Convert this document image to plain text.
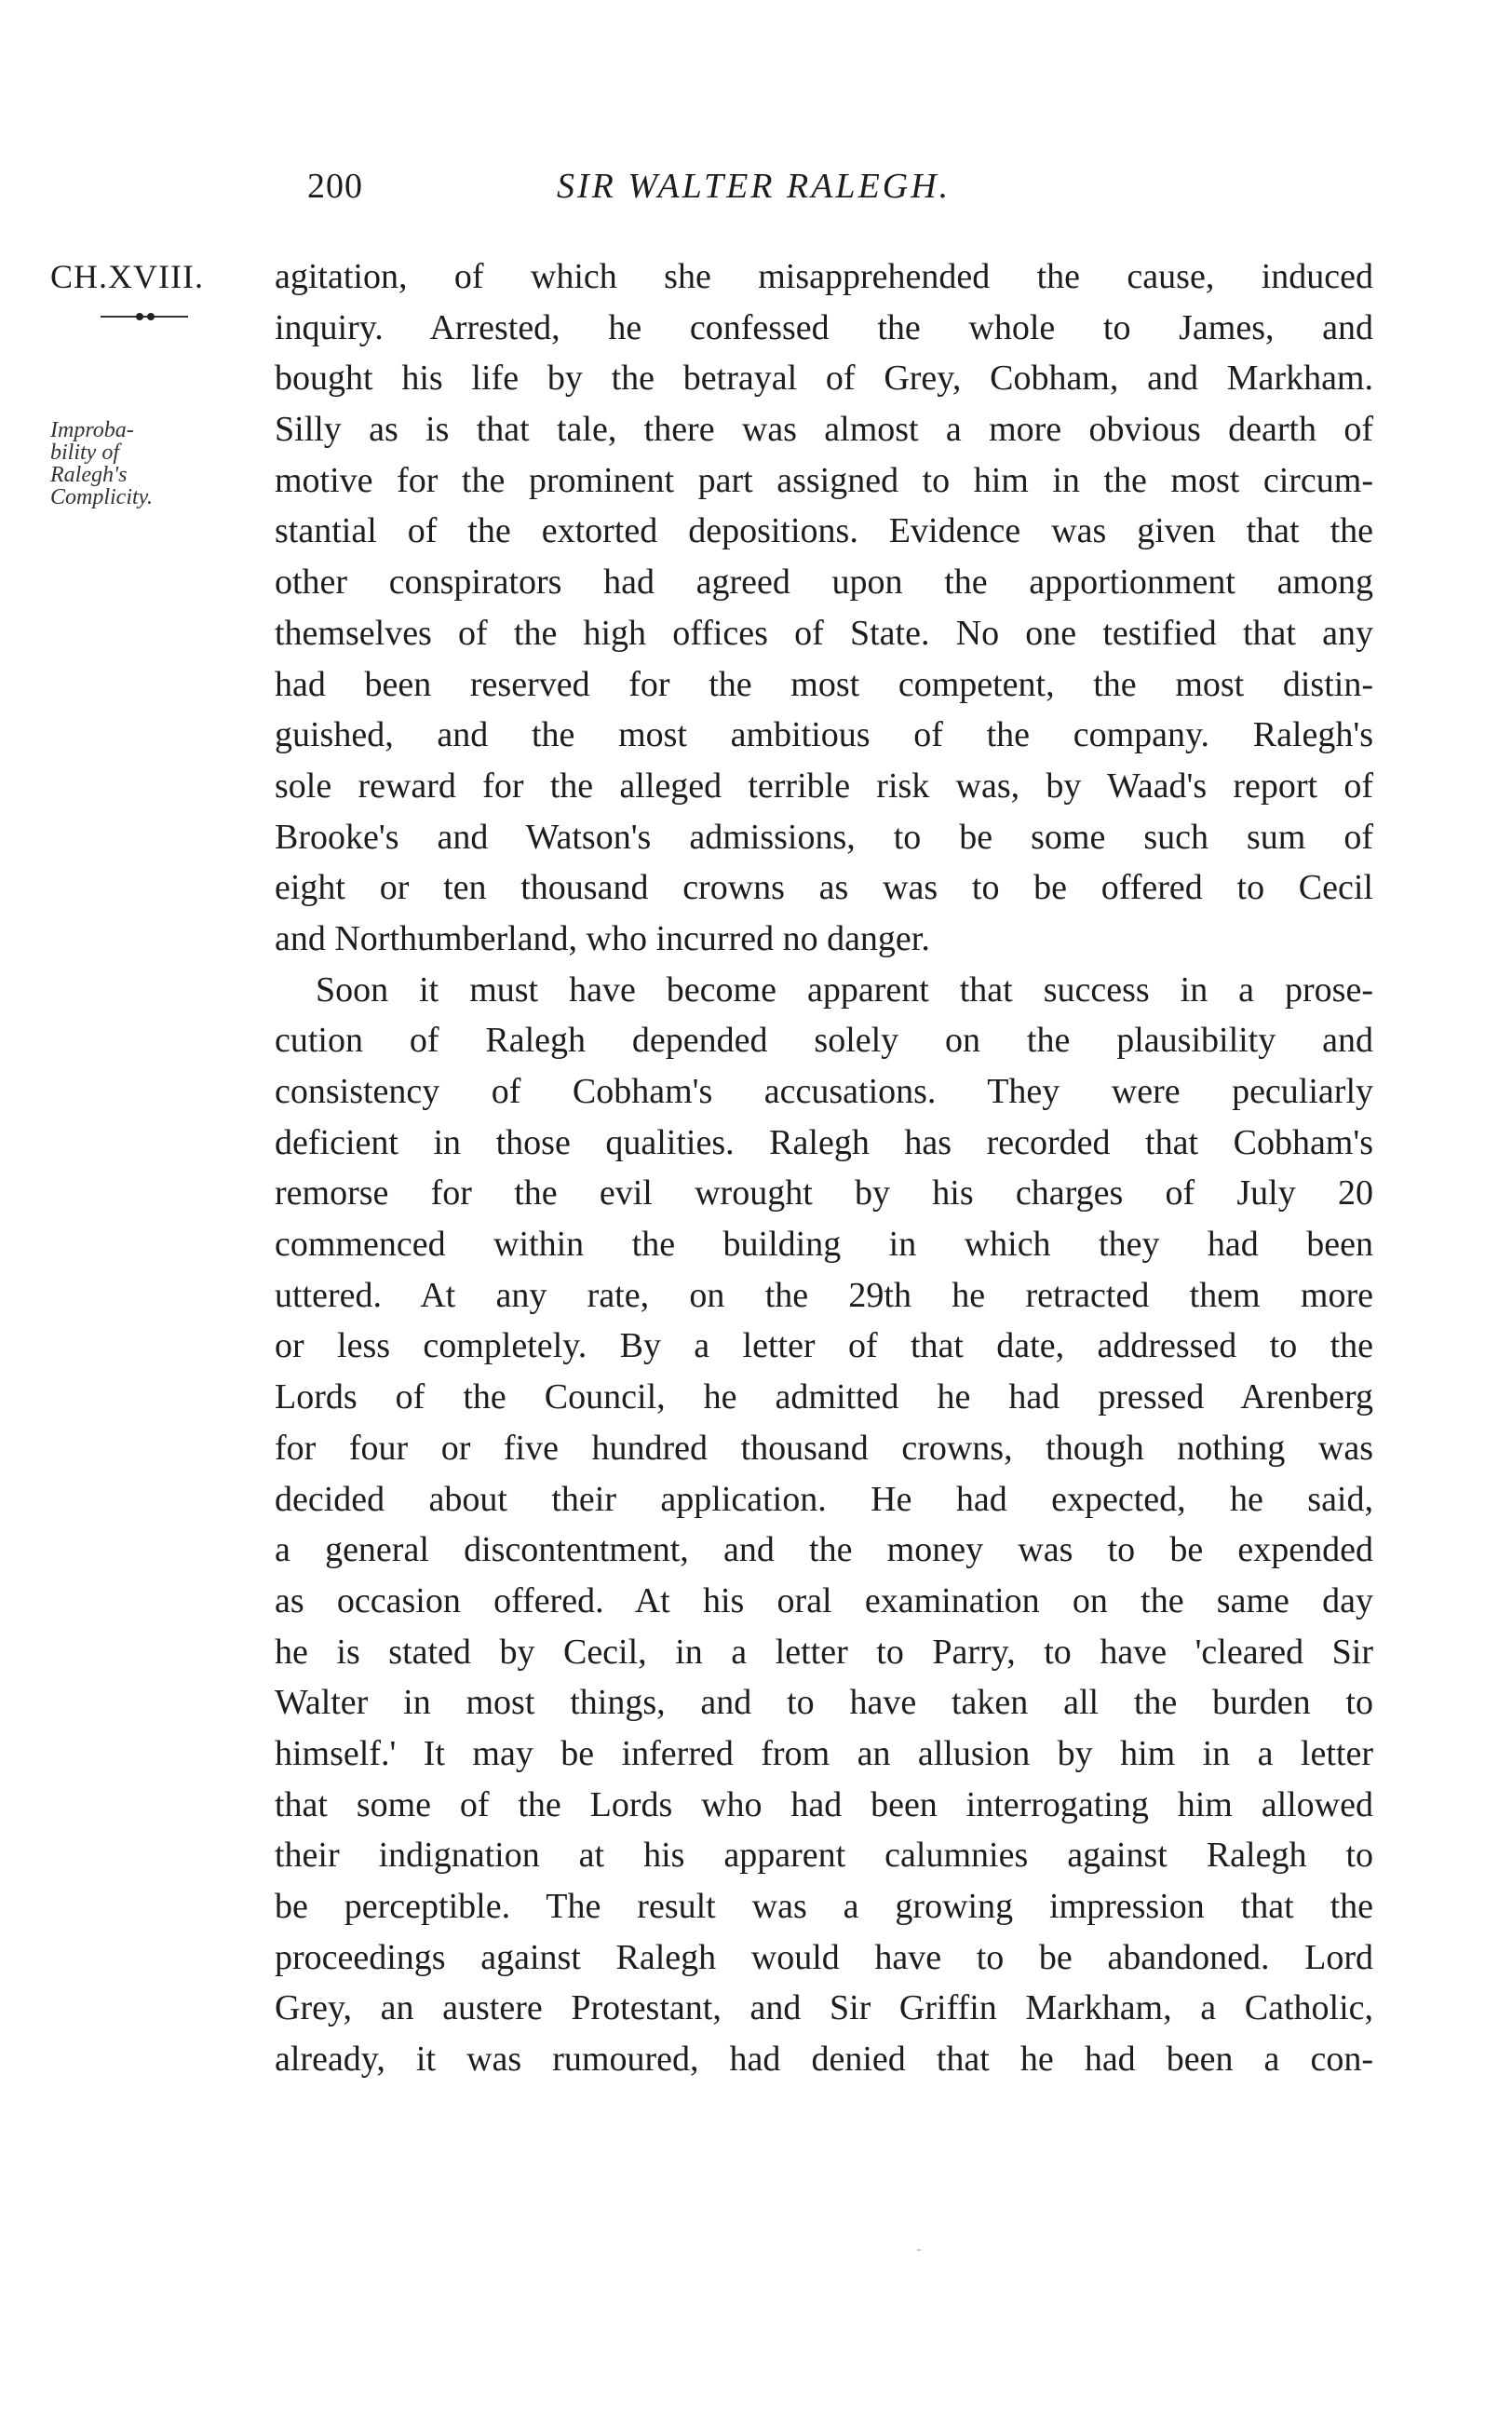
200	SIR WALTER RALEGH.
CH.XVIII.
Improba-
bility of
Ralegh's
Complicity.
agitation, of which she misapprehended the cause, induced
inquiry. Arrested, he confessed the whole to James, and
bought his life by the betrayal of Grey, Cobham, and Markham.
Silly as is that tale, there was almost a more obvious dearth of
motive for the prominent part assigned to him in the most circum-
stantial of the extorted depositions. Evidence was given that the
other conspirators had agreed upon the apportionment among
themselves of the high offices of State. No one testified that any
had been reserved for the most competent, the most distin-
guished, and the most ambitious of the company. Ralegh's
sole reward for the alleged terrible risk was, by Waad's report of
Brooke's and Watson's admissions, to be some such sum of
eight or ten thousand crowns as was to be offered to Cecil
and Northumberland, who incurred no danger.
Soon it must have become apparent that success in a prose-
cution of Ralegh depended solely on the plausibility and
consistency of Cobham's accusations. They were peculiarly
deficient in those qualities. Ralegh has recorded that Cobham's
remorse for the evil wrought by his charges of July 20
commenced within the building in which they had been
uttered. At any rate, on the 29th he retracted them more
or less completely. By a letter of that date, addressed to the
Lords of the Council, he admitted he had pressed Arenberg
for four or five hundred thousand crowns, though nothing was
decided about their application. He had expected, he said,
a general discontentment, and the money was to be expended
as occasion offered. At his oral examination on the same day
he is stated by Cecil, in a letter to Parry, to have 'cleared Sir
Walter in most things, and to have taken all the burden to
himself.' It may be inferred from an allusion by him in a letter
that some of the Lords who had been interrogating him allowed
their indignation at his apparent calumnies against Ralegh to
be perceptible. The result was a growing impression that the
proceedings against Ralegh would have to be abandoned. Lord
Grey, an austere Protestant, and Sir Griffin Markham, a Catholic,
already, it was rumoured, had denied that he had been a con-
